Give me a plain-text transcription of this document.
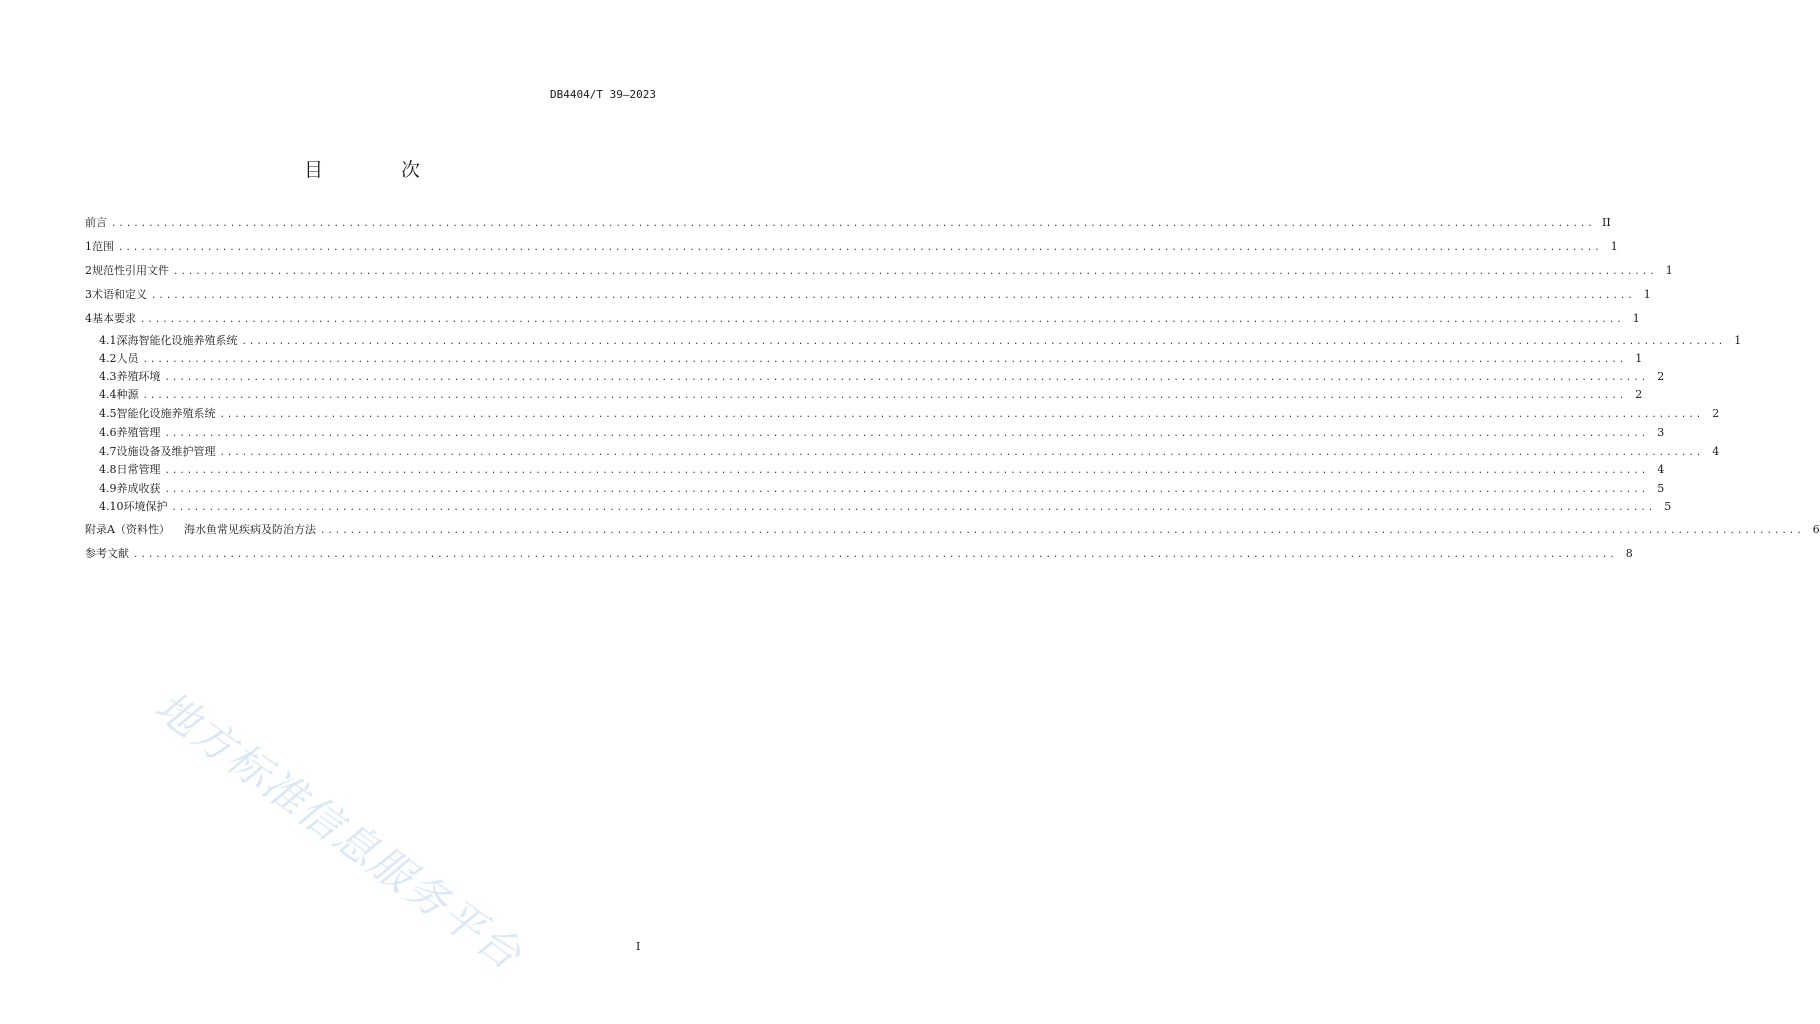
DB4404/T 39—2023
目 次
前言 ........................................................................................................................................................................................................ II
1 范围 ........................................................................................................................................................................................................ 1
2 规范性引用文件 ........................................................................................................................................................................................................ 1
3 术语和定义 ........................................................................................................................................................................................................ 1
4 基本要求 ........................................................................................................................................................................................................ 1
4.1 深海智能化设施养殖系统 ........................................................................................................................................................................................................ 1
4.2 人员 ........................................................................................................................................................................................................ 1
4.3 养殖环境 ........................................................................................................................................................................................................ 2
4.4 种源 ........................................................................................................................................................................................................ 2
4.5 智能化设施养殖系统 ........................................................................................................................................................................................................ 2
4.6 养殖管理 ........................................................................................................................................................................................................ 3
4.7 设施设备及维护管理 ........................................................................................................................................................................................................ 4
4.8 日常管理 ........................................................................................................................................................................................................ 4
4.9 养成收获 ........................................................................................................................................................................................................ 5
4.10 环境保护 ........................................................................................................................................................................................................ 5
附录A（资料性） 海水鱼常见疾病及防治方法 ........................................................................................................................................................................................................ 6
参考文献 ........................................................................................................................................................................................................ 8
I
地方标准信息服务平台
